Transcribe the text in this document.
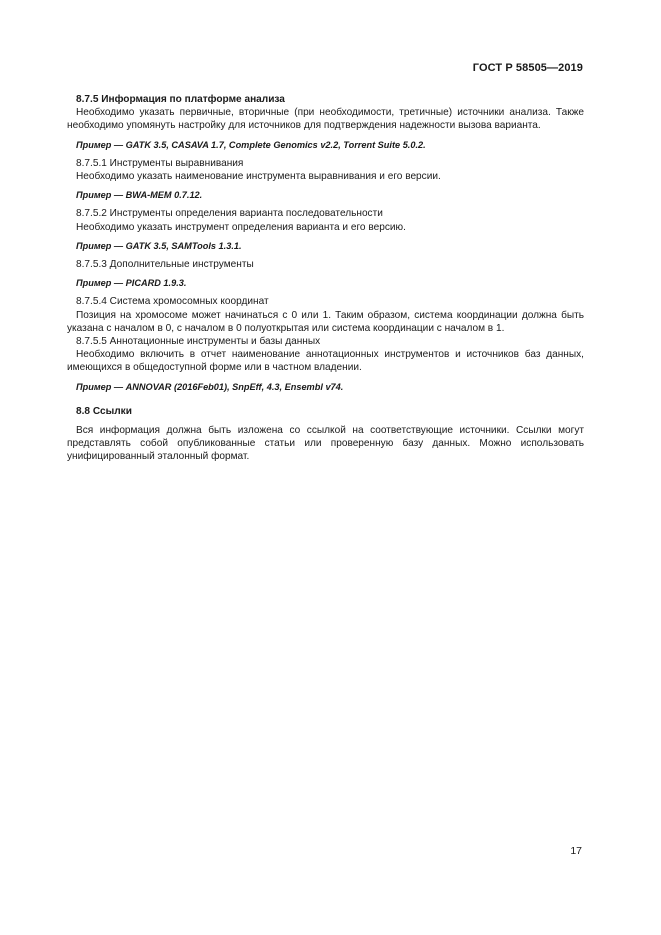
ГОСТ Р 58505—2019

8.7.5 Информация по платформе анализа

Необходимо указать первичные, вторичные (при необходимости, третичные) источники анализа. Также необходимо упомянуть настройку для источников для подтверждения надежности вызова варианта.

Пример — GATK 3.5, CASAVA 1.7, Complete Genomics v2.2, Torrent Suite 5.0.2.

8.7.5.1 Инструменты выравнивания

Необходимо указать наименование инструмента выравнивания и его версии.

Пример — BWA-MEM 0.7.12.

8.7.5.2 Инструменты определения варианта последовательности

Необходимо указать инструмент определения варианта и его версию.

Пример — GATK 3.5, SAMTools 1.3.1.

8.7.5.3 Дополнительные инструменты

Пример — PICARD 1.9.3.

8.7.5.4 Система хромосомных координат

Позиция на хромосоме может начинаться с 0 или 1. Таким образом, система координации должна быть указана с началом в 0, с началом в 0 полуоткрытая или система координации с началом в 1.

8.7.5.5 Аннотационные инструменты и базы данных

Необходимо включить в отчет наименование аннотационных инструментов и источников баз данных, имеющихся в общедоступной форме или в частном владении.

Пример — ANNOVAR (2016Feb01), SnpEff, 4.3, Ensembl v74.

8.8 Ссылки

Вся информация должна быть изложена со ссылкой на соответствующие источники. Ссылки могут представлять собой опубликованные статьи или проверенную базу данных. Можно использовать унифицированный эталонный формат.

17
